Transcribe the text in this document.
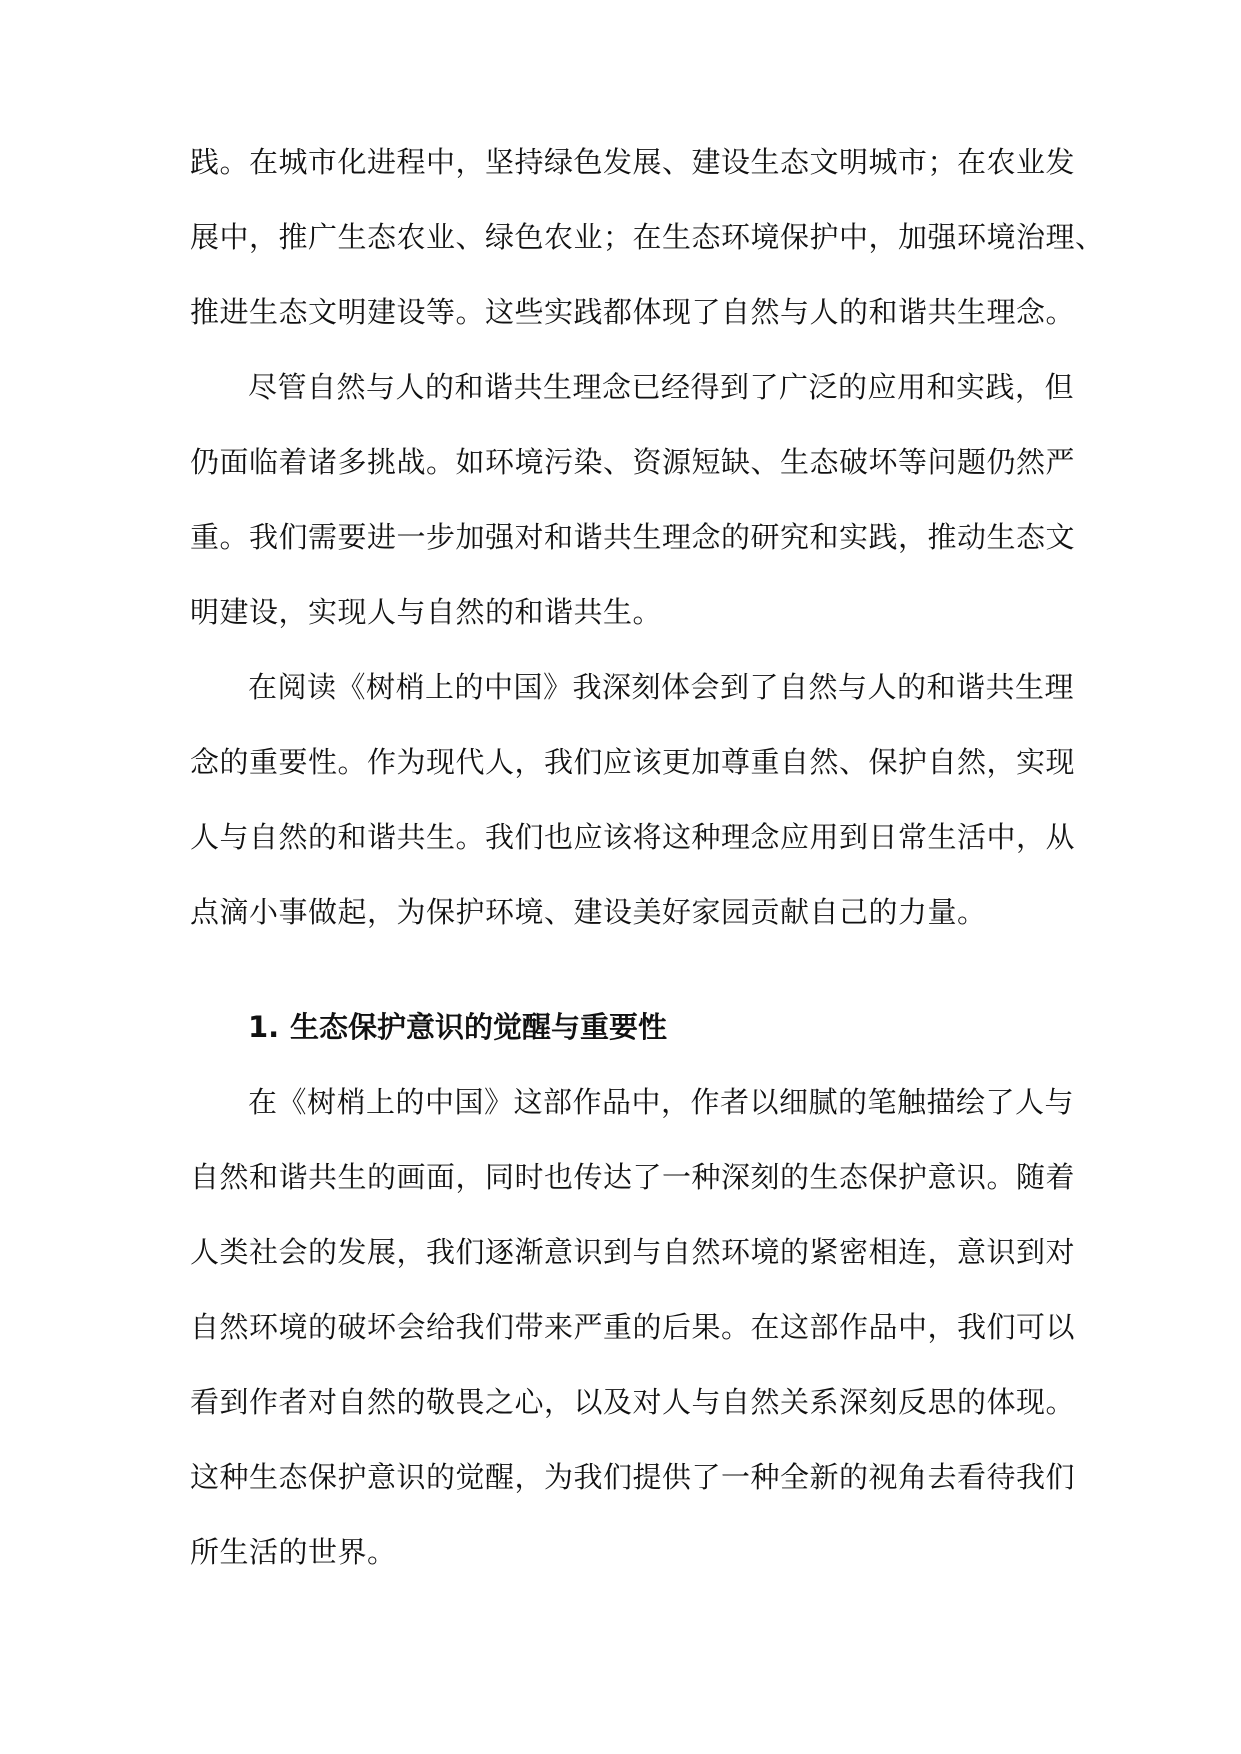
践。在城市化进程中，坚持绿色发展、建设生态文明城市；在农业发
展中，推广生态农业、绿色农业；在生态环境保护中，加强环境治理、
推进生态文明建设等。这些实践都体现了自然与人的和谐共生理念。
尽管自然与人的和谐共生理念已经得到了广泛的应用和实践，但
仍面临着诸多挑战。如环境污染、资源短缺、生态破坏等问题仍然严
重。我们需要进一步加强对和谐共生理念的研究和实践，推动生态文
明建设，实现人与自然的和谐共生。
在阅读《树梢上的中国》我深刻体会到了自然与人的和谐共生理
念的重要性。作为现代人，我们应该更加尊重自然、保护自然，实现
人与自然的和谐共生。我们也应该将这种理念应用到日常生活中，从
点滴小事做起，为保护环境、建设美好家园贡献自己的力量。
1. 生态保护意识的觉醒与重要性
在《树梢上的中国》这部作品中，作者以细腻的笔触描绘了人与
自然和谐共生的画面，同时也传达了一种深刻的生态保护意识。随着
人类社会的发展，我们逐渐意识到与自然环境的紧密相连，意识到对
自然环境的破坏会给我们带来严重的后果。在这部作品中，我们可以
看到作者对自然的敬畏之心，以及对人与自然关系深刻反思的体现。
这种生态保护意识的觉醒，为我们提供了一种全新的视角去看待我们
所生活的世界。
